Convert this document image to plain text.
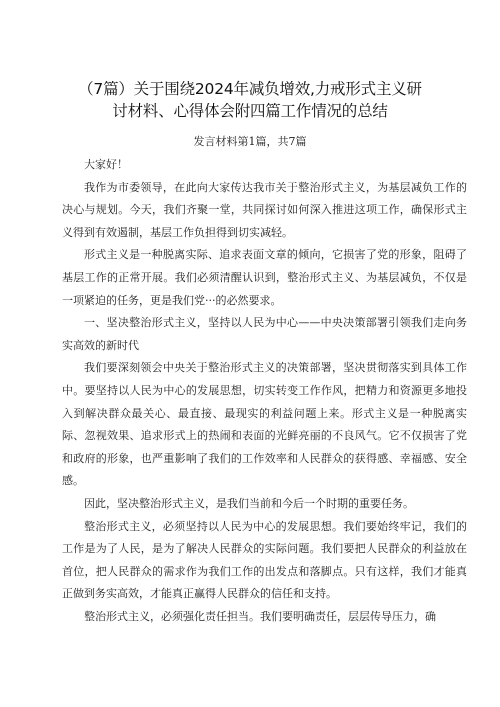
（7篇）关于围绕2024年减负增效,力戒形式主义研
讨材料、心得体会附四篇工作情况的总结
发言材料第1篇，共7篇

大家好！

我作为市委领导，在此向大家传达我市关于整治形式主义，为基层减负工作的决心与规划。今天，我们齐聚一堂，共同探讨如何深入推进这项工作，确保形式主义得到有效遏制，基层工作负担得到切实减轻。

形式主义是一种脱离实际、追求表面文章的倾向，它损害了党的形象，阻碍了基层工作的正常开展。我们必须清醒认识到，整治形式主义、为基层减负，不仅是一项紧迫的任务，更是我们党···的必然要求。

一、坚决整治形式主义，坚持以人民为中心——中央决策部署引领我们走向务实高效的新时代

我们要深刻领会中央关于整治形式主义的决策部署，坚决贯彻落实到具体工作中。要坚持以人民为中心的发展思想，切实转变工作作风，把精力和资源更多地投入到解决群众最关心、最直接、最现实的利益问题上来。形式主义是一种脱离实际、忽视效果、追求形式上的热闹和表面的光鲜亮丽的不良风气。它不仅损害了党和政府的形象，也严重影响了我们的工作效率和人民群众的获得感、幸福感、安全感。

因此，坚决整治形式主义，是我们当前和今后一个时期的重要任务。

整治形式主义，必须坚持以人民为中心的发展思想。我们要始终牢记，我们的工作是为了人民，是为了解决人民群众的实际问题。我们要把人民群众的利益放在首位，把人民群众的需求作为我们工作的出发点和落脚点。只有这样，我们才能真正做到务实高效，才能真正赢得人民群众的信任和支持。

整治形式主义，必须强化责任担当。我们要明确责任，层层传导压力，确
